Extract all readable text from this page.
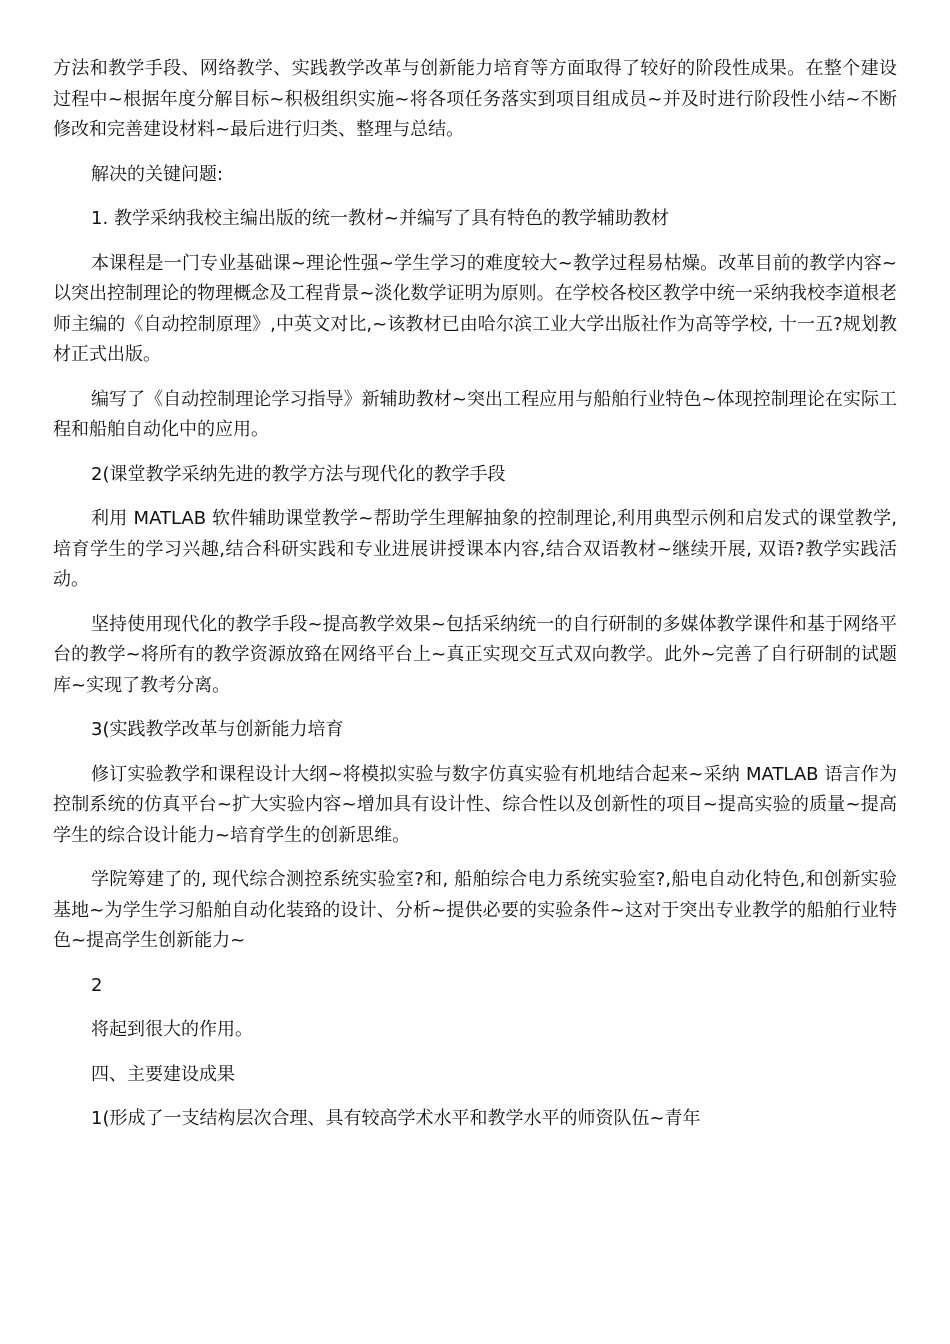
方法和教学手段、网络教学、实践教学改革与创新能力培育等方面取得了较好的阶段性成果。在整个建设过程中~根据年度分解目标~积极组织实施~将各项任务落实到项目组成员~并及时进行阶段性小结~不断修改和完善建设材料~最后进行归类、整理与总结。

解决的关键问题:

1. 教学采纳我校主编出版的统一教材~并编写了具有特色的教学辅助教材

本课程是一门专业基础课~理论性强~学生学习的难度较大~教学过程易枯燥。改革目前的教学内容~以突出控制理论的物理概念及工程背景~淡化数学证明为原则。在学校各校区教学中统一采纳我校李道根老师主编的《自动控制原理》,中英文对比,~该教材已由哈尔滨工业大学出版社作为高等学校, 十一五?规划教材正式出版。

编写了《自动控制理论学习指导》新辅助教材~突出工程应用与船舶行业特色~体现控制理论在实际工程和船舶自动化中的应用。

2(课堂教学采纳先进的教学方法与现代化的教学手段

利用 MATLAB 软件辅助课堂教学~帮助学生理解抽象的控制理论,利用典型示例和启发式的课堂教学,培育学生的学习兴趣,结合科研实践和专业进展讲授课本内容,结合双语教材~继续开展, 双语?教学实践活动。

坚持使用现代化的教学手段~提高教学效果~包括采纳统一的自行研制的多媒体教学课件和基于网络平台的教学~将所有的教学资源放臵在网络平台上~真正实现交互式双向教学。此外~完善了自行研制的试题库~实现了教考分离。

3(实践教学改革与创新能力培育

修订实验教学和课程设计大纲~将模拟实验与数字仿真实验有机地结合起来~采纳 MATLAB 语言作为控制系统的仿真平台~扩大实验内容~增加具有设计性、综合性以及创新性的项目~提高实验的质量~提高学生的综合设计能力~培育学生的创新思维。

学院筹建了的, 现代综合测控系统实验室?和, 船舶综合电力系统实验室?,船电自动化特色,和创新实验基地~为学生学习船舶自动化装臵的设计、分析~提供必要的实验条件~这对于突出专业教学的船舶行业特色~提高学生创新能力~

2

将起到很大的作用。

四、主要建设成果

1(形成了一支结构层次合理、具有较高学术水平和教学水平的师资队伍~青年
